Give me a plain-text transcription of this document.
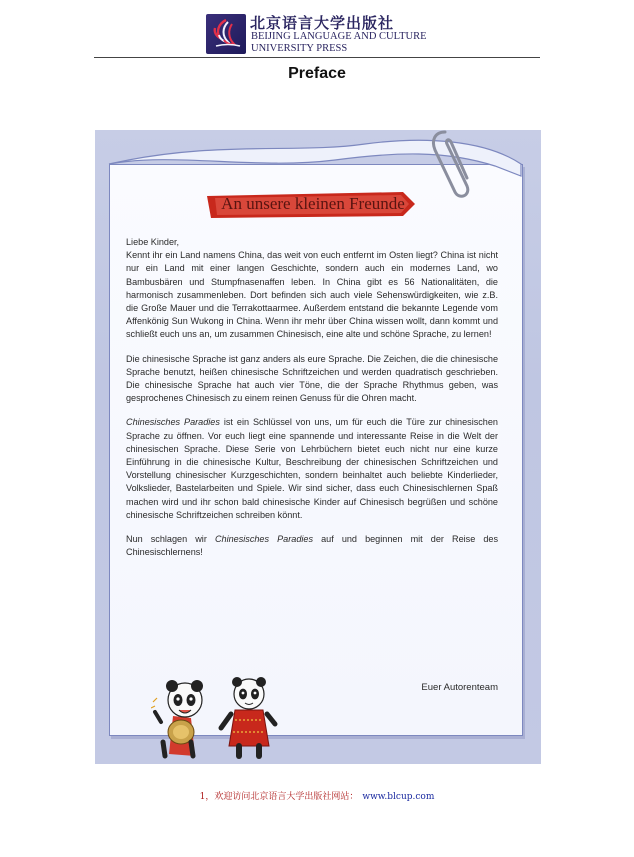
北京语言大学出版社
BEIJING LANGUAGE AND CULTURE
UNIVERSITY PRESS
Preface
An unsere kleinen Freunde

Liebe Kinder,

Kennt ihr ein Land namens China, das weit von euch entfernt im Osten liegt? China ist nicht nur ein Land mit einer langen Geschichte, sondern auch ein modernes Land, wo Bambusbären und Stumpfnasenaffen leben. In China gibt es 56 Nationalitäten, die harmonisch zusammenleben. Dort befinden sich auch viele Sehenswürdigkeiten, wie z.B. die Große Mauer und die Terrakottaarmee. Außerdem entstand die bekannte Legende vom Affenkönig Sun Wukong in China. Wenn ihr mehr über China wissen wollt, dann kommt und schließt euch uns an, um zusammen Chinesisch, eine alte und schöne Sprache, zu lernen!

Die chinesische Sprache ist ganz anders als eure Sprache. Die Zeichen, die die chinesische Sprache benutzt, heißen chinesische Schriftzeichen und werden quadratisch geschrieben. Die chinesische Sprache hat auch vier Töne, die der Sprache Rhythmus geben, was gesprochenes Chinesisch zu einem reinen Genuss für die Ohren macht.

Chinesisches Paradies ist ein Schlüssel von uns, um für euch die Türe zur chinesischen Sprache zu öffnen. Vor euch liegt eine spannende und interessante Reise in die Welt der chinesischen Sprache. Diese Serie von Lehrbüchern bietet euch nicht nur eine kurze Einführung in die chinesische Kultur, Beschreibung der chinesischen Schriftzeichen und Vorstellung chinesischer Kurzgeschichten, sondern beinhaltet auch beliebte Kinderlieder, Volkslieder, Bastelarbeiten und Spiele. Wir sind sicher, dass euch Chinesischlernen Spaß machen wird und ihr schon bald chinesische Kinder auf Chinesisch begrüßen und schöne chinesische Schriftzeichen schreiben könnt.

Nun schlagen wir Chinesisches Paradies auf und beginnen mit der Reise des Chinesischlernens!

Euer Autorenteam
1，欢迎访问北京语言大学出版社网站： www.blcup.com
